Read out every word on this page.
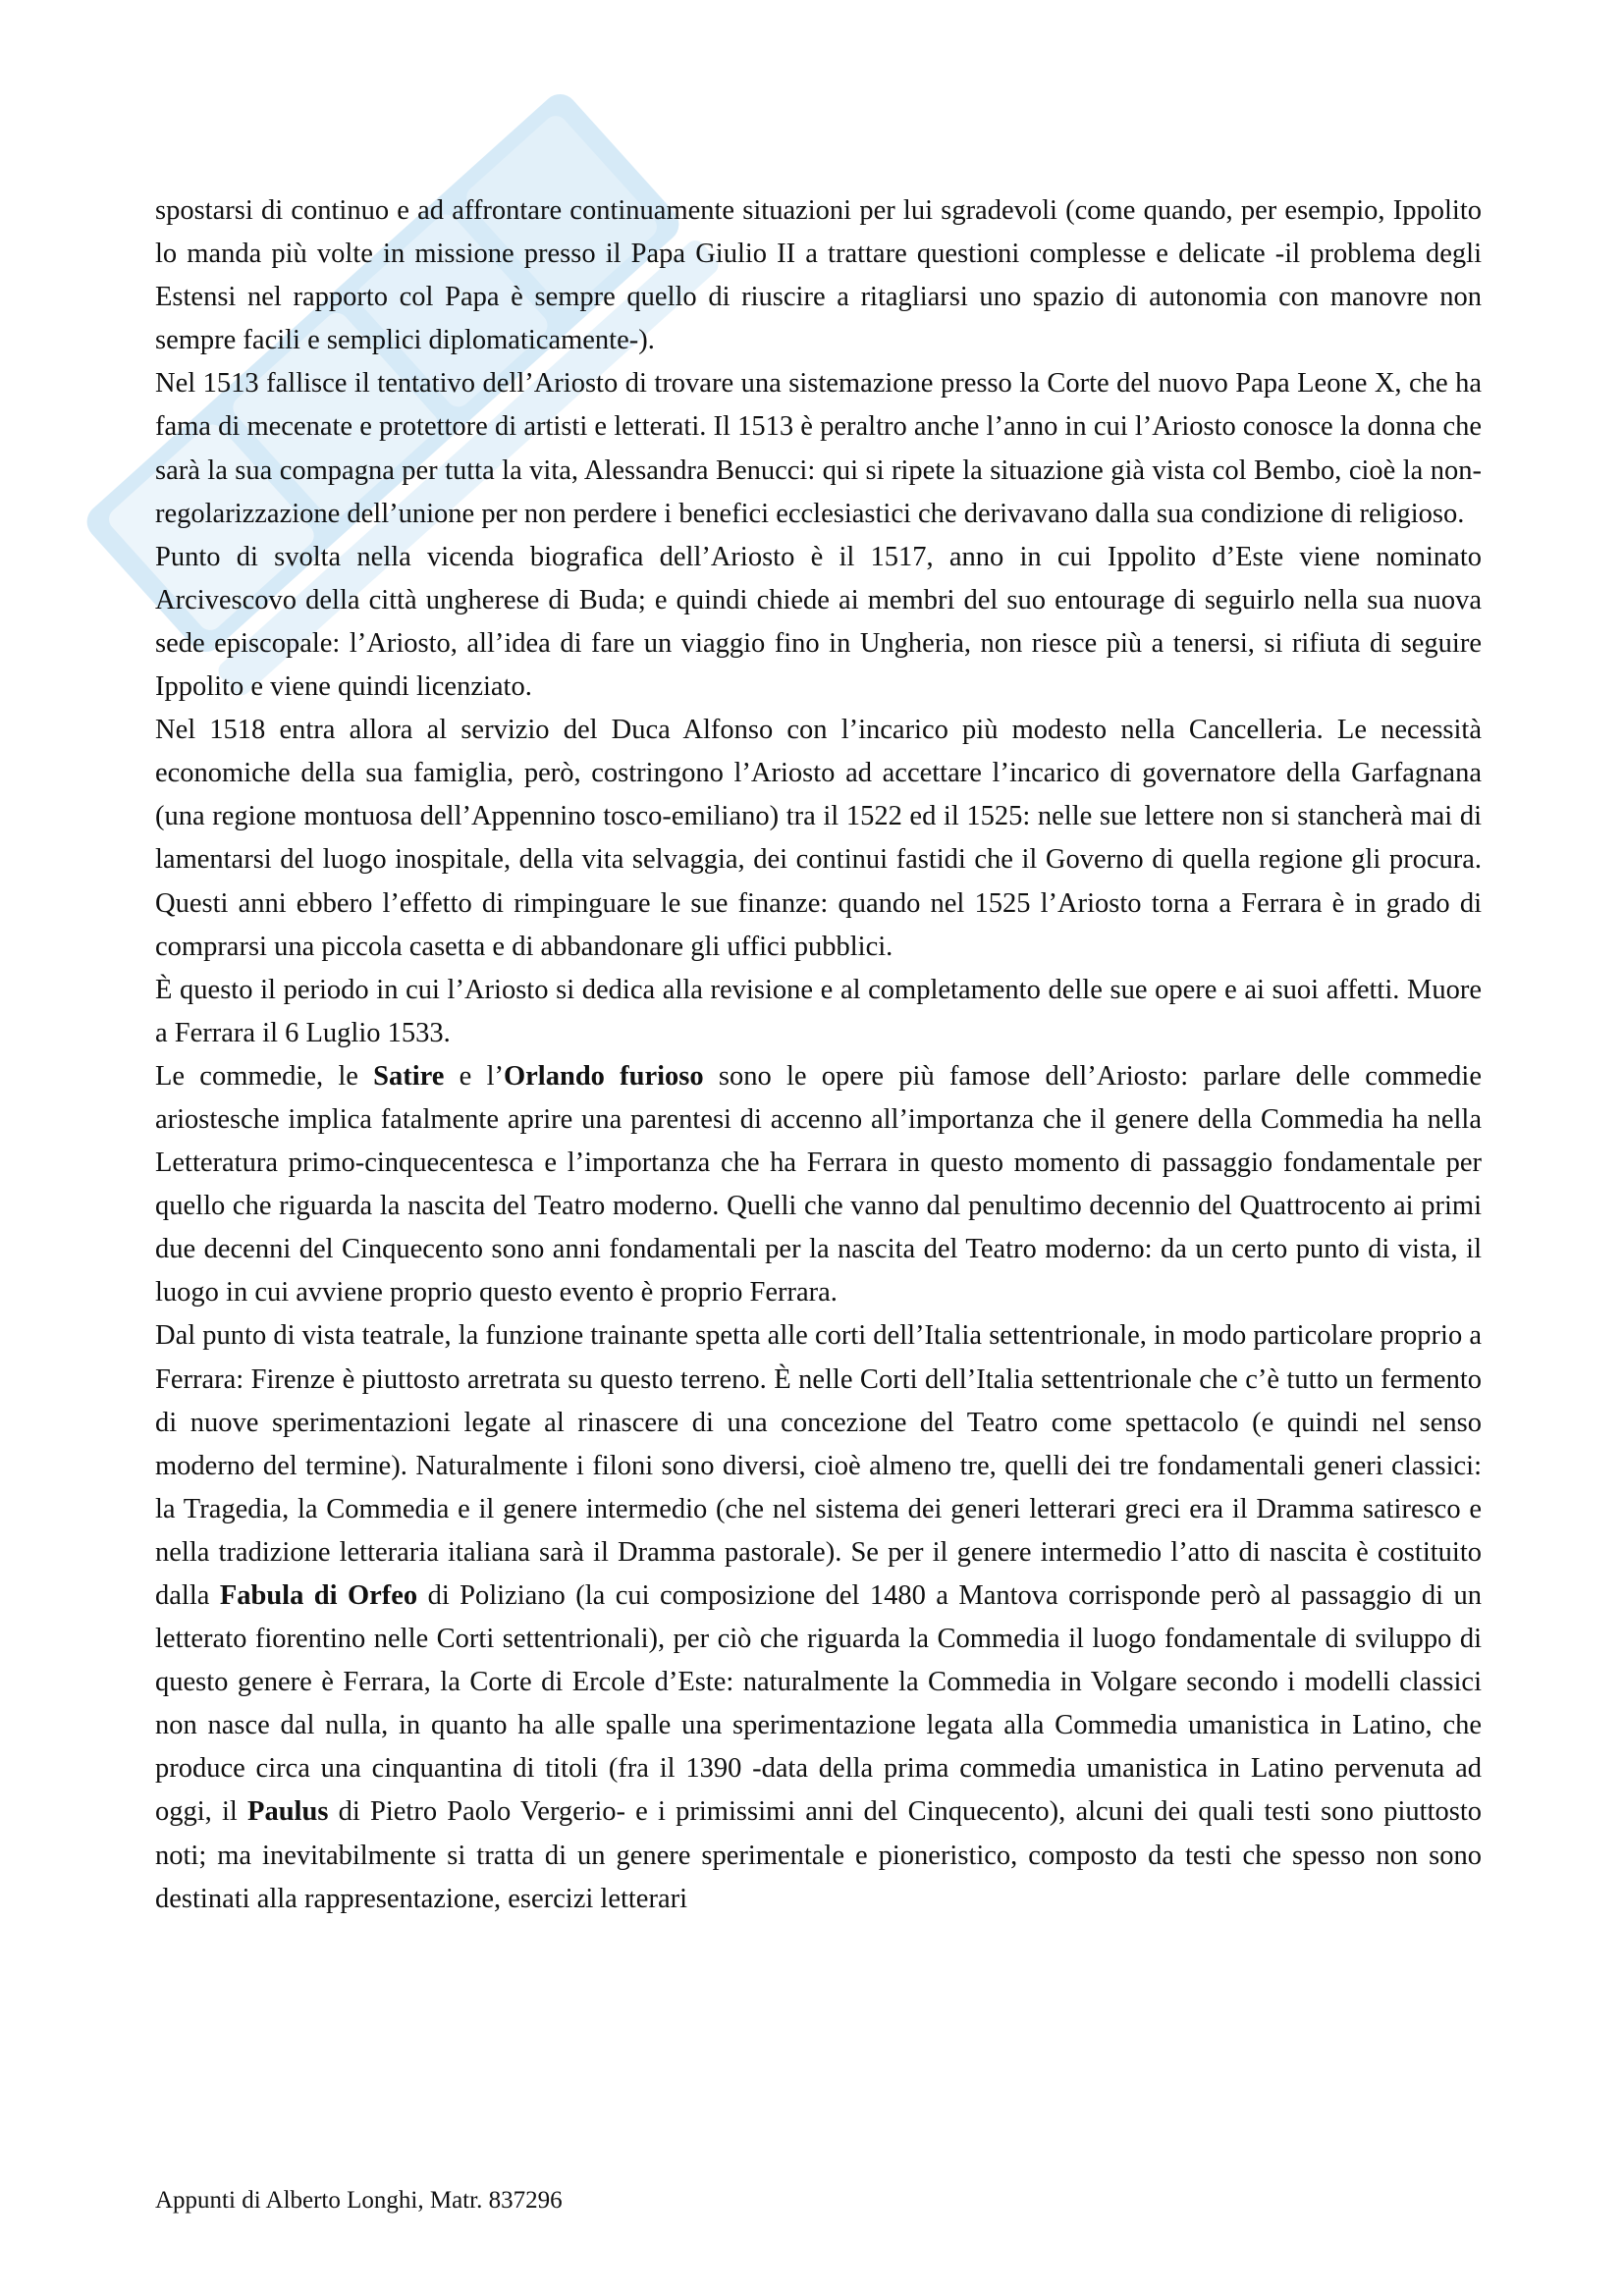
spostarsi di continuo e ad affrontare continuamente situazioni per lui sgradevoli (come quando, per esempio, Ippolito lo manda più volte in missione presso il Papa Giulio II a trattare questioni complesse e delicate -il problema degli Estensi nel rapporto col Papa è sempre quello di riuscire a ritagliarsi uno spazio di autonomia con manovre non sempre facili e semplici diplomaticamente-).

Nel 1513 fallisce il tentativo dell’Ariosto di trovare una sistemazione presso la Corte del nuovo Papa Leone X, che ha fama di mecenate e protettore di artisti e letterati. Il 1513 è peraltro anche l’anno in cui l’Ariosto conosce la donna che sarà la sua compagna per tutta la vita, Alessandra Benucci: qui si ripete la situazione già vista col Bembo, cioè la non-regolarizzazione dell’unione per non perdere i benefici ecclesiastici che derivavano dalla sua condizione di religioso.

Punto di svolta nella vicenda biografica dell’Ariosto è il 1517, anno in cui Ippolito d’Este viene nominato Arcivescovo della città ungherese di Buda; e quindi chiede ai membri del suo entourage di seguirlo nella sua nuova sede episcopale: l’Ariosto, all’idea di fare un viaggio fino in Ungheria, non riesce più a tenersi, si rifiuta di seguire Ippolito e viene quindi licenziato.

Nel 1518 entra allora al servizio del Duca Alfonso con l’incarico più modesto nella Cancelleria. Le necessità economiche della sua famiglia, però, costringono l’Ariosto ad accettare l’incarico di governatore della Garfagnana (una regione montuosa dell’Appennino tosco-emiliano) tra il 1522 ed il 1525: nelle sue lettere non si stancherà mai di lamentarsi del luogo inospitale, della vita selvaggia, dei continui fastidi che il Governo di quella regione gli procura. Questi anni ebbero l’effetto di rimpinguare le sue finanze: quando nel 1525 l’Ariosto torna a Ferrara è in grado di comprarsi una piccola casetta e di abbandonare gli uffici pubblici.

È questo il periodo in cui l’Ariosto si dedica alla revisione e al completamento delle sue opere e ai suoi affetti. Muore a Ferrara il 6 Luglio 1533.

Le commedie, le Satire e l’Orlando furioso sono le opere più famose dell’Ariosto: parlare delle commedie ariostesche implica fatalmente aprire una parentesi di accenno all’importanza che il genere della Commedia ha nella Letteratura primo-cinquecentesca e l’importanza che ha Ferrara in questo momento di passaggio fondamentale per quello che riguarda la nascita del Teatro moderno. Quelli che vanno dal penultimo decennio del Quattrocento ai primi due decenni del Cinquecento sono anni fondamentali per la nascita del Teatro moderno: da un certo punto di vista, il luogo in cui avviene proprio questo evento è proprio Ferrara.

Dal punto di vista teatrale, la funzione trainante spetta alle corti dell’Italia settentrionale, in modo particolare proprio a Ferrara: Firenze è piuttosto arretrata su questo terreno. È nelle Corti dell’Italia settentrionale che c’è tutto un fermento di nuove sperimentazioni legate al rinascere di una concezione del Teatro come spettacolo (e quindi nel senso moderno del termine). Naturalmente i filoni sono diversi, cioè almeno tre, quelli dei tre fondamentali generi classici: la Tragedia, la Commedia e il genere intermedio (che nel sistema dei generi letterari greci era il Dramma satiresco e nella tradizione letteraria italiana sarà il Dramma pastorale). Se per il genere intermedio l’atto di nascita è costituito dalla Fabula di Orfeo di Poliziano (la cui composizione del 1480 a Mantova corrisponde però al passaggio di un letterato fiorentino nelle Corti settentrionali), per ciò che riguarda la Commedia il luogo fondamentale di sviluppo di questo genere è Ferrara, la Corte di Ercole d’Este: naturalmente la Commedia in Volgare secondo i modelli classici non nasce dal nulla, in quanto ha alle spalle una sperimentazione legata alla Commedia umanistica in Latino, che produce circa una cinquantina di titoli (fra il 1390 -data della prima commedia umanistica in Latino pervenuta ad oggi, il Paulus di Pietro Paolo Vergerio- e i primissimi anni del Cinquecento), alcuni dei quali testi sono piuttosto noti; ma inevitabilmente si tratta di un genere sperimentale e pioneristico, composto da testi che spesso non sono destinati alla rappresentazione, esercizi letterari

Appunti di Alberto Longhi, Matr. 837296
